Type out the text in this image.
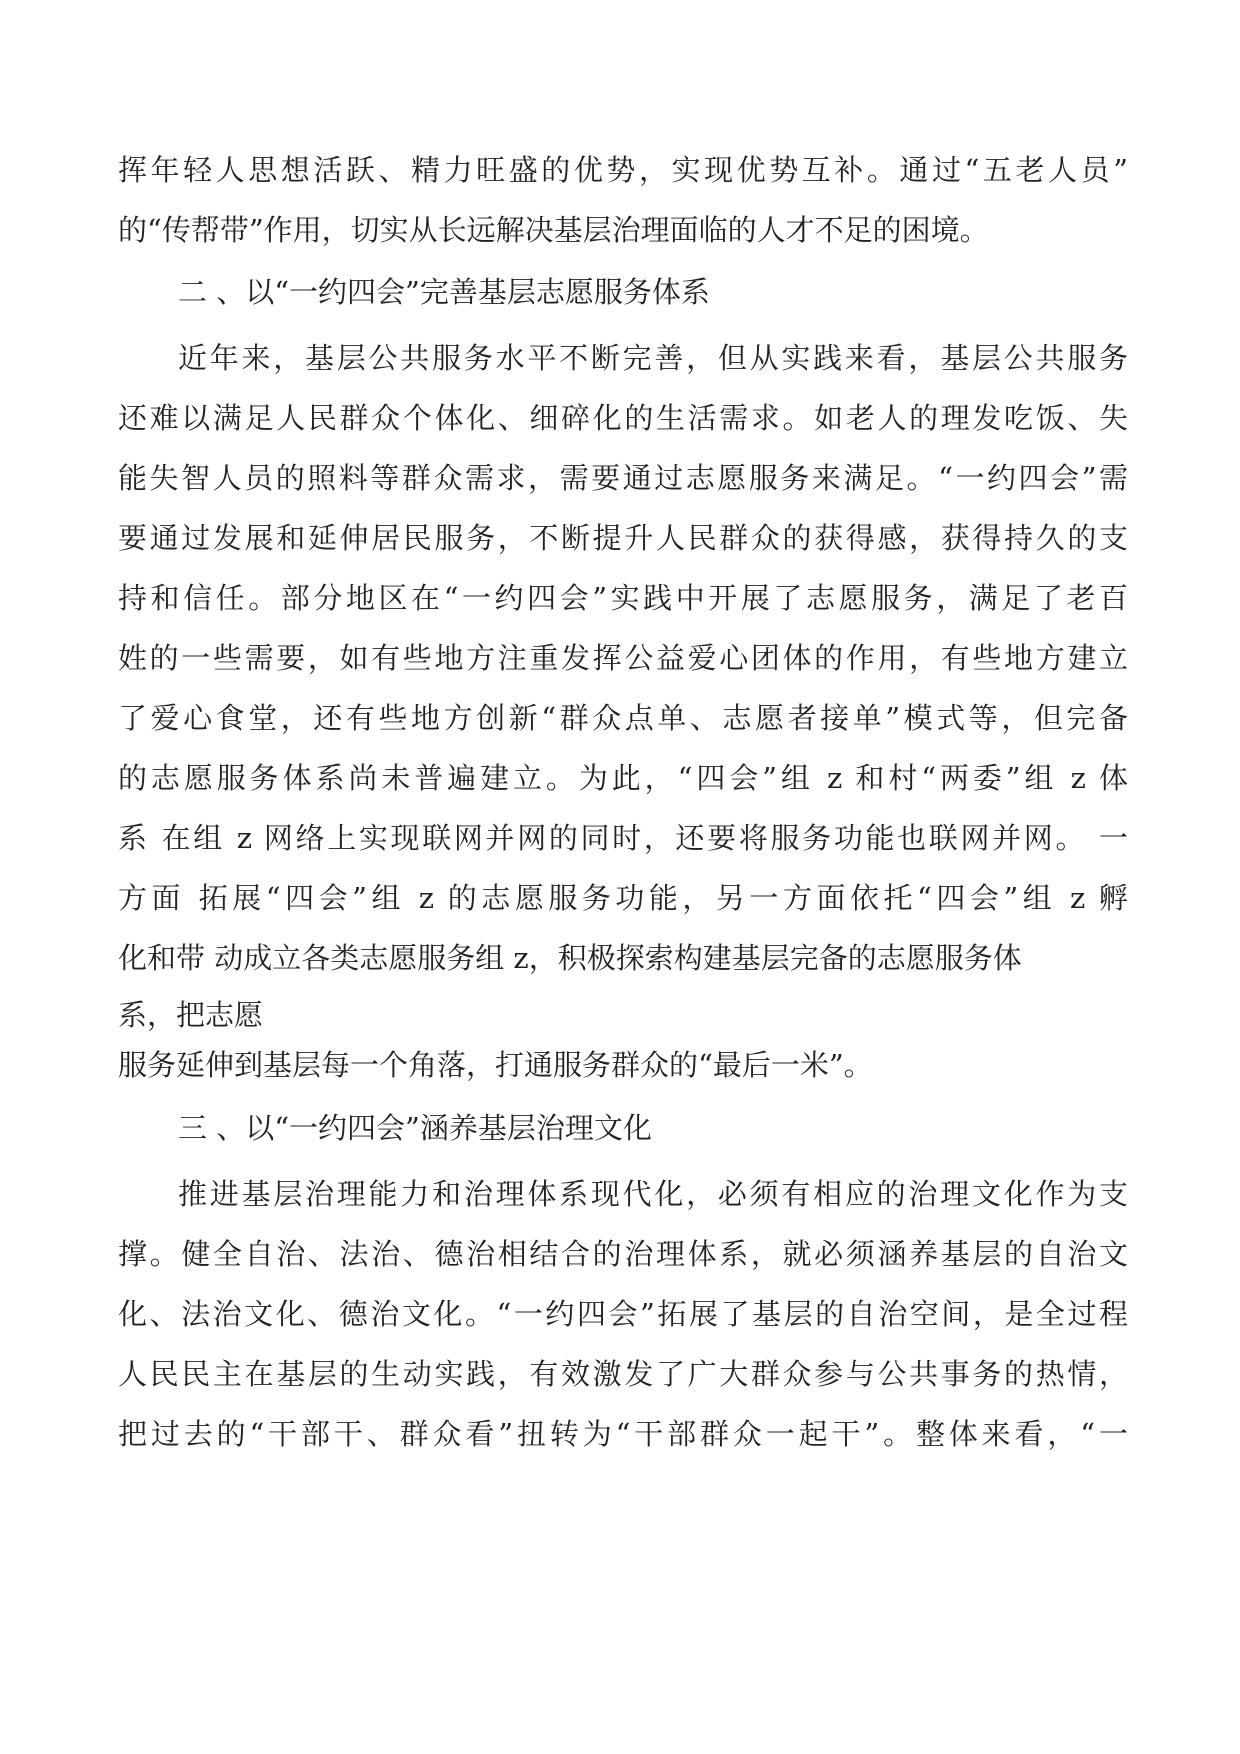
挥年轻人思想活跃、精力旺盛的优势，实现优势互补。通过“五老人员”
的“传帮带”作用，切实从长远解决基层治理面临的人才不足的困境。
二 、以“一约四会”完善基层志愿服务体系
近年来，基层公共服务水平不断完善，但从实践来看，基层公共服务
还难以满足人民群众个体化、细碎化的生活需求。如老人的理发吃饭、失
能失智人员的照料等群众需求，需要通过志愿服务来满足。“一约四会”需
要通过发展和延伸居民服务，不断提升人民群众的获得感，获得持久的支
持和信任。部分地区在“一约四会”实践中开展了志愿服务，满足了老百
姓的一些需要，如有些地方注重发挥公益爱心团体的作用，有些地方建立
了爱心食堂，还有些地方创新“群众点单、志愿者接单”模式等，但完备
的志愿服务体系尚未普遍建立。为此，“四会”组 z 和村“两委”组 z 体
系 在组 z 网络上实现联网并网的同时，还要将服务功能也联网并网。 一
方面 拓展“四会”组 z 的志愿服务功能，另一方面依托“四会”组 z 孵
化和带 动成立各类志愿服务组 z，积极探索构建基层完备的志愿服务体
系，把志愿
服务延伸到基层每一个角落，打通服务群众的“最后一米”。
三 、以“一约四会”涵养基层治理文化
推进基层治理能力和治理体系现代化，必须有相应的治理文化作为支
撑。健全自治、法治、德治相结合的治理体系，就必须涵养基层的自治文
化、法治文化、德治文化。“一约四会”拓展了基层的自治空间，是全过程
人民民主在基层的生动实践，有效激发了广大群众参与公共事务的热情，
把过去的“干部干、群众看”扭转为“干部群众一起干”。整体来看，“一
